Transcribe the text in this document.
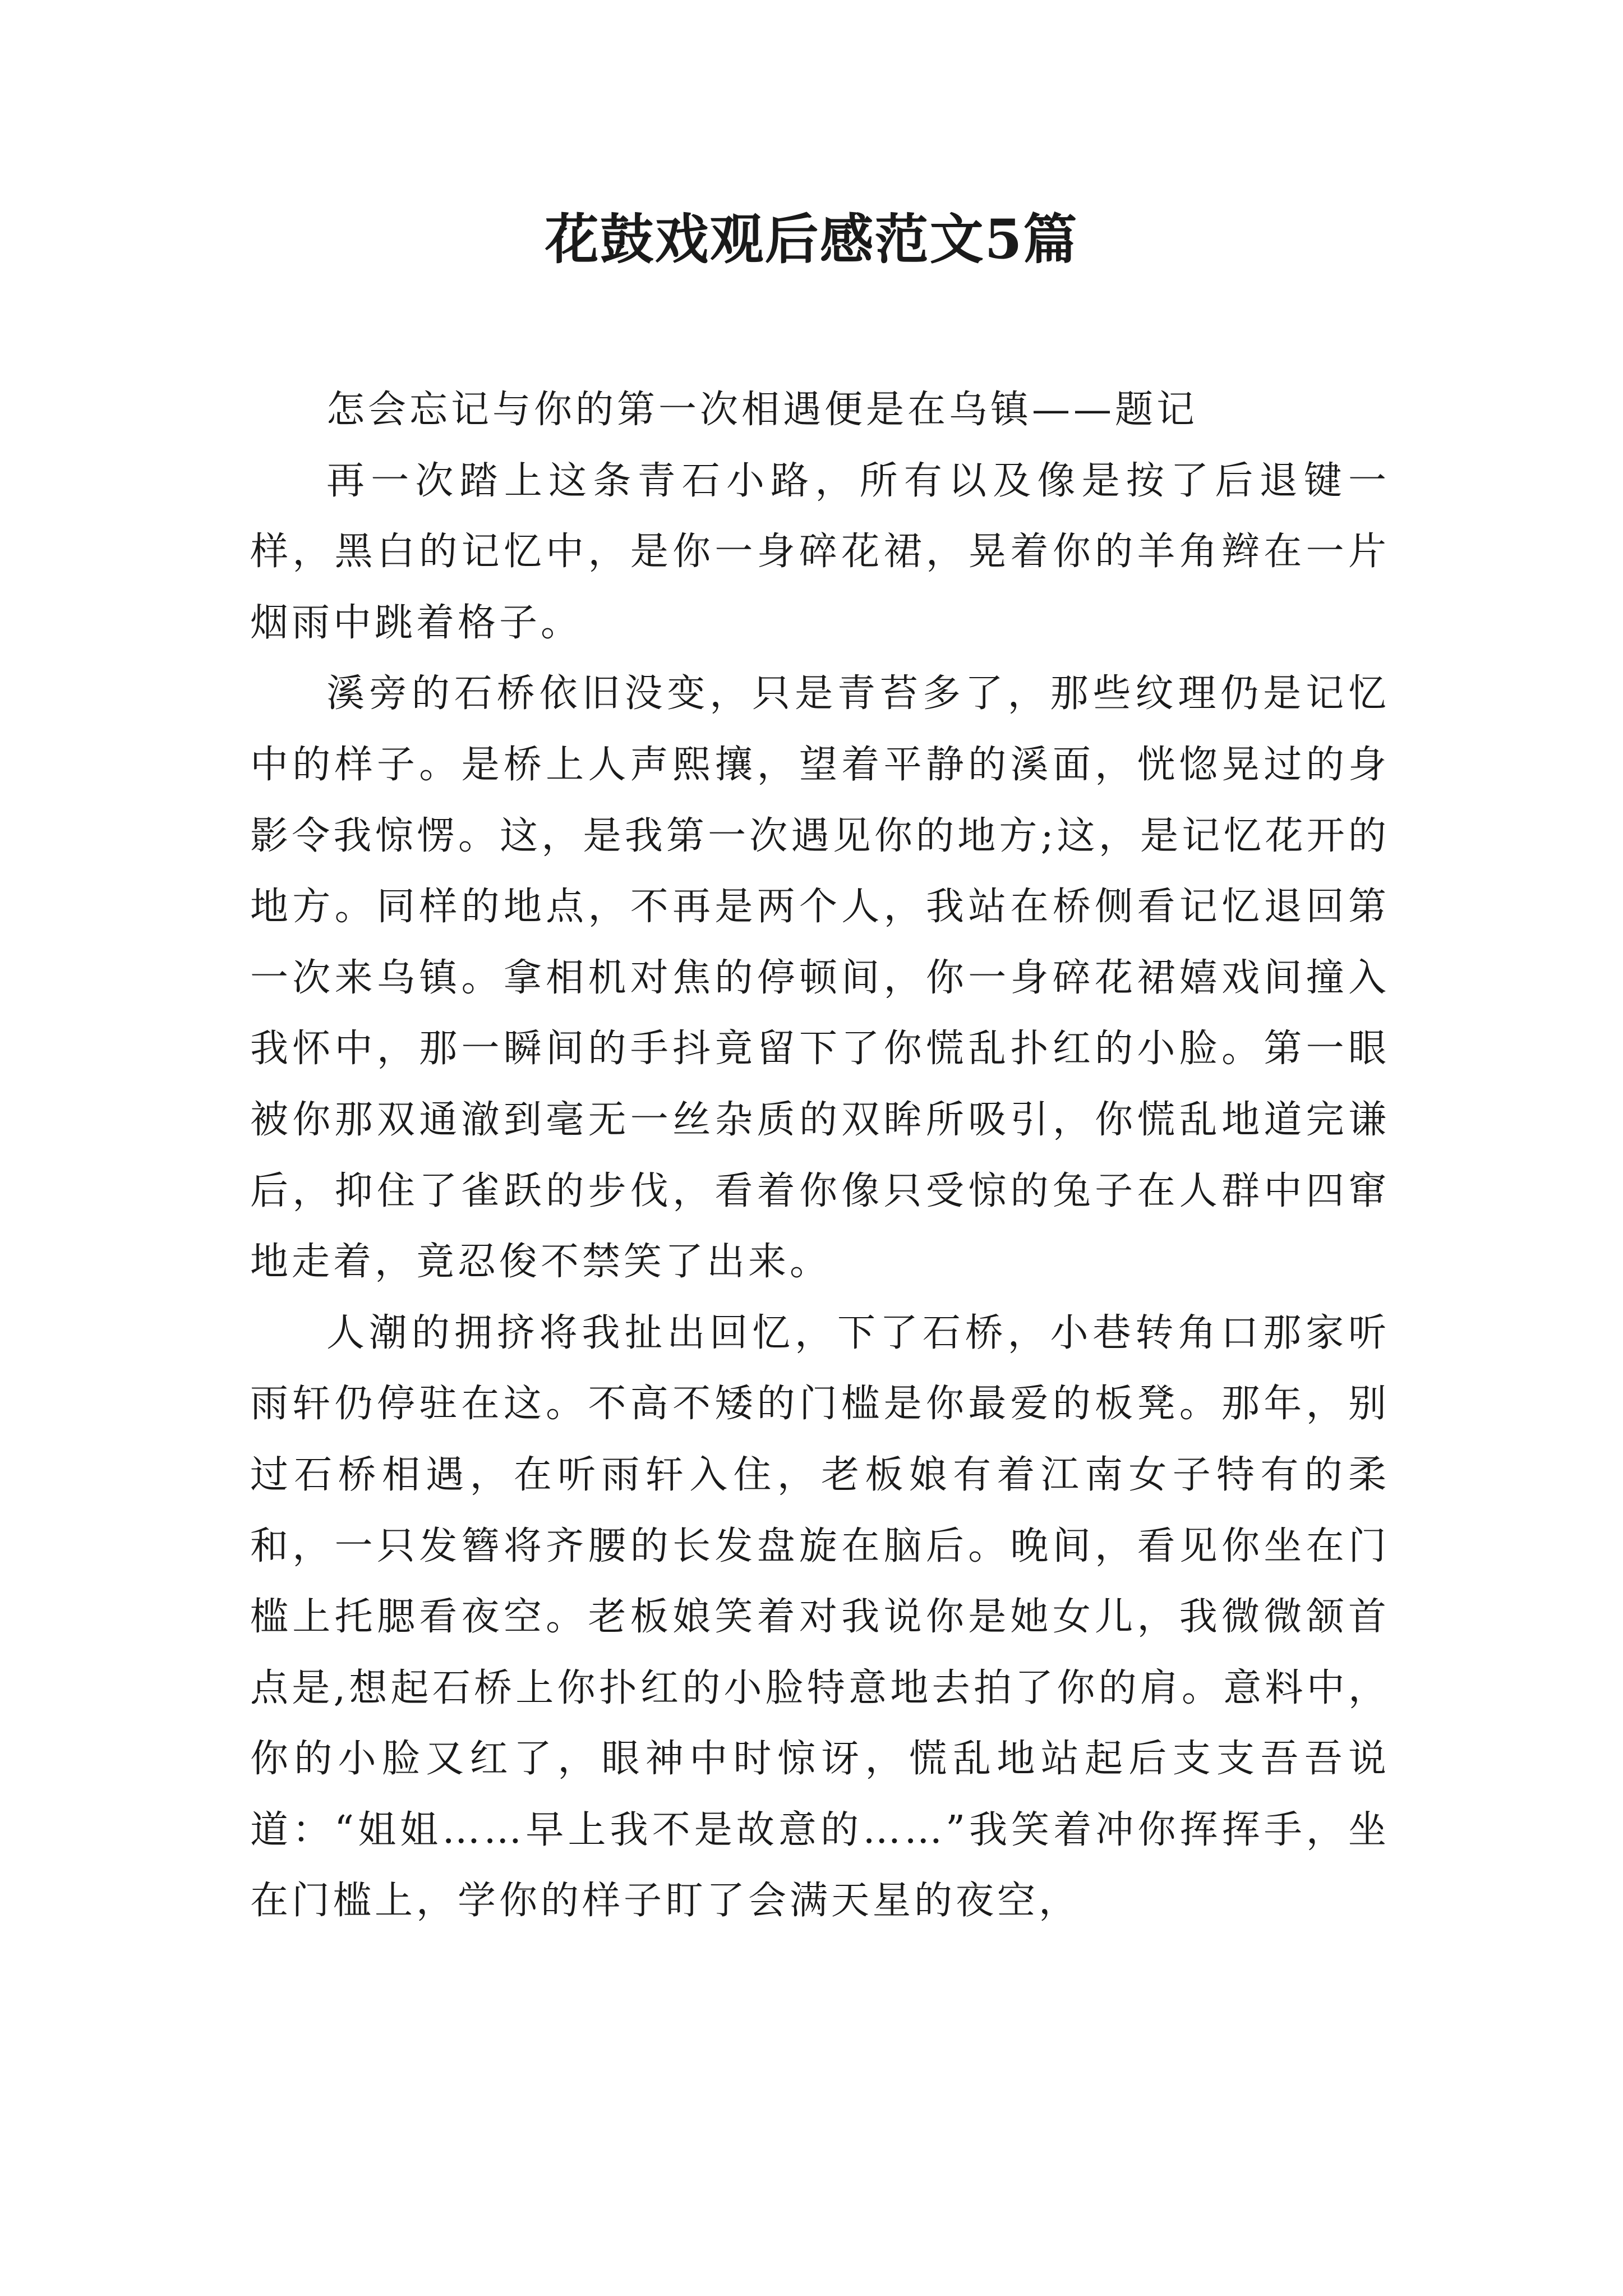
花鼓戏观后感范文5篇

怎会忘记与你的第一次相遇便是在乌镇——题记

再一次踏上这条青石小路，所有以及像是按了后退键一样，黑白的记忆中，是你一身碎花裙，晃着你的羊角辫在一片烟雨中跳着格子。

溪旁的石桥依旧没变，只是青苔多了，那些纹理仍是记忆中的样子。是桥上人声熙攘，望着平静的溪面，恍惚晃过的身影令我惊愣。这，是我第一次遇见你的地方;这，是记忆花开的地方。同样的地点，不再是两个人，我站在桥侧看记忆退回第一次来乌镇。拿相机对焦的停顿间，你一身碎花裙嬉戏间撞入我怀中，那一瞬间的手抖竟留下了你慌乱扑红的小脸。第一眼被你那双通澈到毫无一丝杂质的双眸所吸引，你慌乱地道完谦后，抑住了雀跃的步伐，看着你像只受惊的兔子在人群中四窜地走着，竟忍俊不禁笑了出来。

人潮的拥挤将我扯出回忆，下了石桥，小巷转角口那家听雨轩仍停驻在这。不高不矮的门槛是你最爱的板凳。那年，别过石桥相遇，在听雨轩入住，老板娘有着江南女子特有的柔和，一只发簪将齐腰的长发盘旋在脑后。晚间，看见你坐在门槛上托腮看夜空。老板娘笑着对我说你是她女儿，我微微颔首点是,想起石桥上你扑红的小脸特意地去拍了你的肩。意料中，你的小脸又红了，眼神中时惊讶，慌乱地站起后支支吾吾说道：“姐姐……早上我不是故意的……”我笑着冲你挥挥手，坐在门槛上，学你的样子盯了会满天星的夜空，
